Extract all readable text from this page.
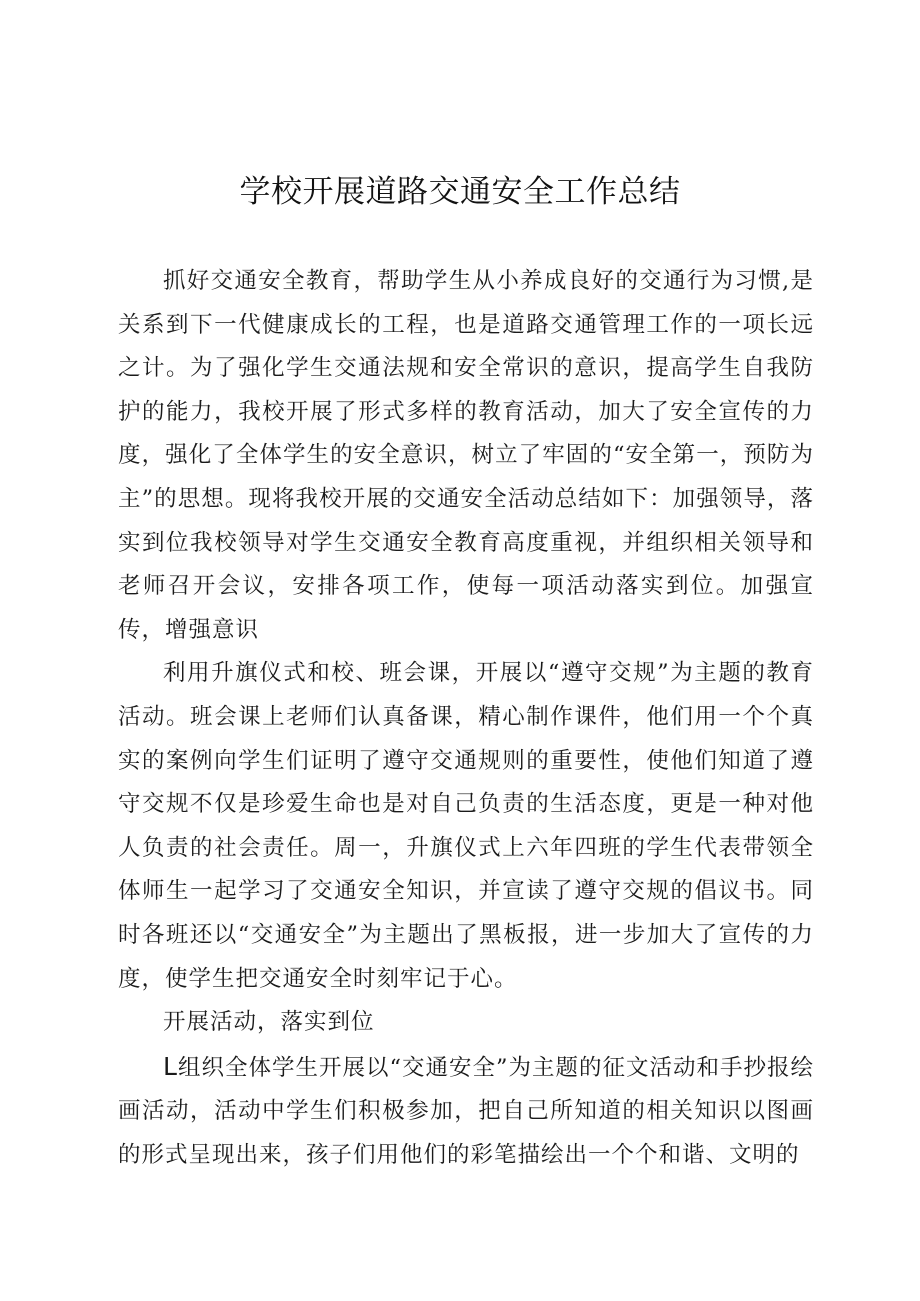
学校开展道路交通安全工作总结

抓好交通安全教育，帮助学生从小养成良好的交通行为习惯,是关系到下一代健康成长的工程，也是道路交通管理工作的一项长远之计。为了强化学生交通法规和安全常识的意识，提高学生自我防护的能力，我校开展了形式多样的教育活动，加大了安全宣传的力度，强化了全体学生的安全意识，树立了牢固的“安全第一，预防为主”的思想。现将我校开展的交通安全活动总结如下：加强领导，落实到位我校领导对学生交通安全教育高度重视，并组织相关领导和老师召开会议，安排各项工作，使每一项活动落实到位。加强宣传，增强意识

利用升旗仪式和校、班会课，开展以“遵守交规”为主题的教育活动。班会课上老师们认真备课，精心制作课件，他们用一个个真实的案例向学生们证明了遵守交通规则的重要性，使他们知道了遵守交规不仅是珍爱生命也是对自己负责的生活态度，更是一种对他人负责的社会责任。周一，升旗仪式上六年四班的学生代表带领全体师生一起学习了交通安全知识，并宣读了遵守交规的倡议书。同时各班还以“交通安全”为主题出了黑板报，进一步加大了宣传的力度，使学生把交通安全时刻牢记于心。

开展活动，落实到位

L组织全体学生开展以“交通安全”为主题的征文活动和手抄报绘画活动，活动中学生们积极参加，把自己所知道的相关知识以图画的形式呈现出来，孩子们用他们的彩笔描绘出一个个和谐、文明的
